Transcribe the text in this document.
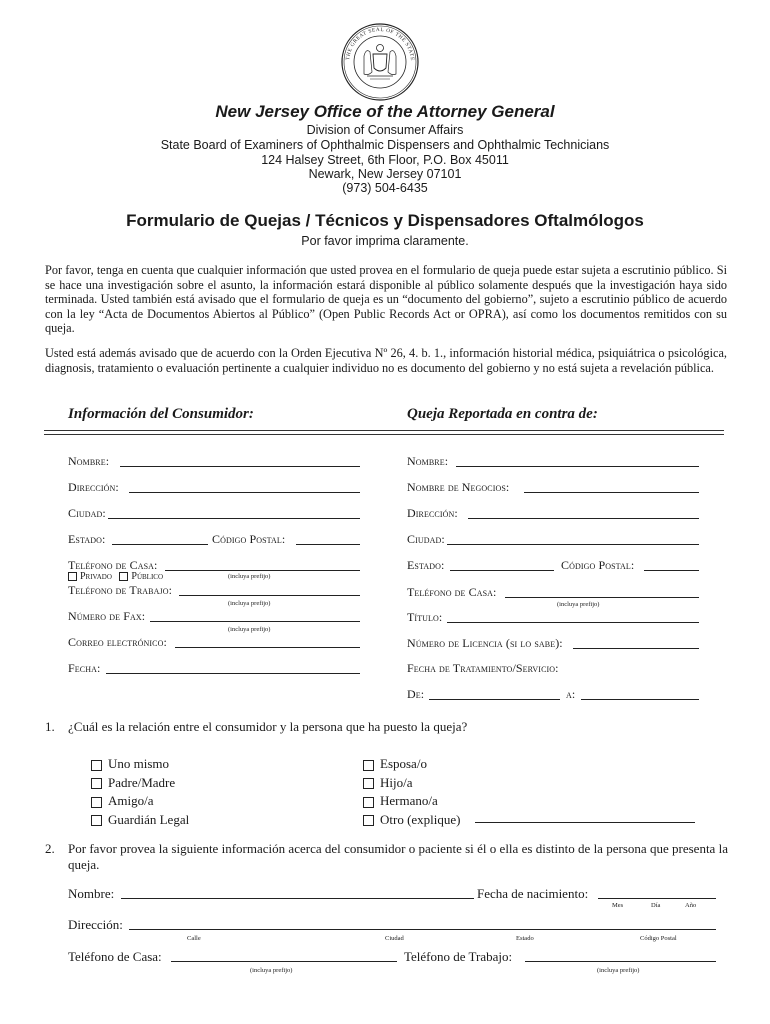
THE GREAT SEAL OF THE STATE
New Jersey Office of the Attorney General
Division of Consumer Affairs
State Board of Examiners of Ophthalmic Dispensers and Ophthalmic Technicians
124 Halsey Street, 6th Floor, P.O. Box 45011
Newark, New Jersey 07101
(973) 504-6435
Formulario de Quejas / Técnicos y Dispensadores Oftalmólogos
Por favor imprima claramente.
Por favor, tenga en cuenta que cualquier información que usted provea en el formulario de queja puede estar sujeta a escrutinio público. Si se hace una investigación sobre el asunto, la información estará disponible al público solamente después que la investigación haya sido terminada. Usted también está avisado que el formulario de queja es un “documento del gobierno”, sujeto a escrutinio público de acuerdo con la ley “Acta de Documentos Abiertos al Público” (Open Public Records Act or OPRA), así como los documentos remitidos con su queja.
Usted está además avisado que de acuerdo con la Orden Ejecutiva Nº 26, 4. b. 1., información historial médica, psiquiátrica o psicológica, diagnosis, tratamiento o evaluación pertinente a cualquier individuo no es documento del gobierno y no está sujeta a revelación pública.
Información del Consumidor:	Queja Reportada en contra de:
Nombre:
Dirección:
Ciudad:
Estado:	Código Postal:
Teléfono de Casa:
Privado Público	(incluya prefijo)
Teléfono de Trabajo:
(incluya prefijo)
Número de Fax:
(incluya prefijo)
Correo electrónico:
Fecha:
Nombre:
Nombre de Negocios:
Dirección:
Ciudad:
Estado:	Código Postal:
Teléfono de Casa:
(incluya prefijo)
Título:
Número de Licencia (si lo sabe):
Fecha de Tratamiento/Servicio:
De:	a:
1. ¿Cuál es la relación entre el consumidor y la persona que ha puesto la queja?
Uno mismo
Padre/Madre
Amigo/a
Guardián Legal
Esposa/o
Hijo/a
Hermano/a
Otro (explique)
2. Por favor provea la siguiente información acerca del consumidor o paciente si él o ella es distinto de la persona que presenta la queja.
Nombre:	Fecha de nacimiento:
Mes	Día	Año
Dirección:
Calle	Ciudad	Estado	Código Postal
Teléfono de Casa:	Teléfono de Trabajo:
(incluya prefijo)	(incluya prefijo)
